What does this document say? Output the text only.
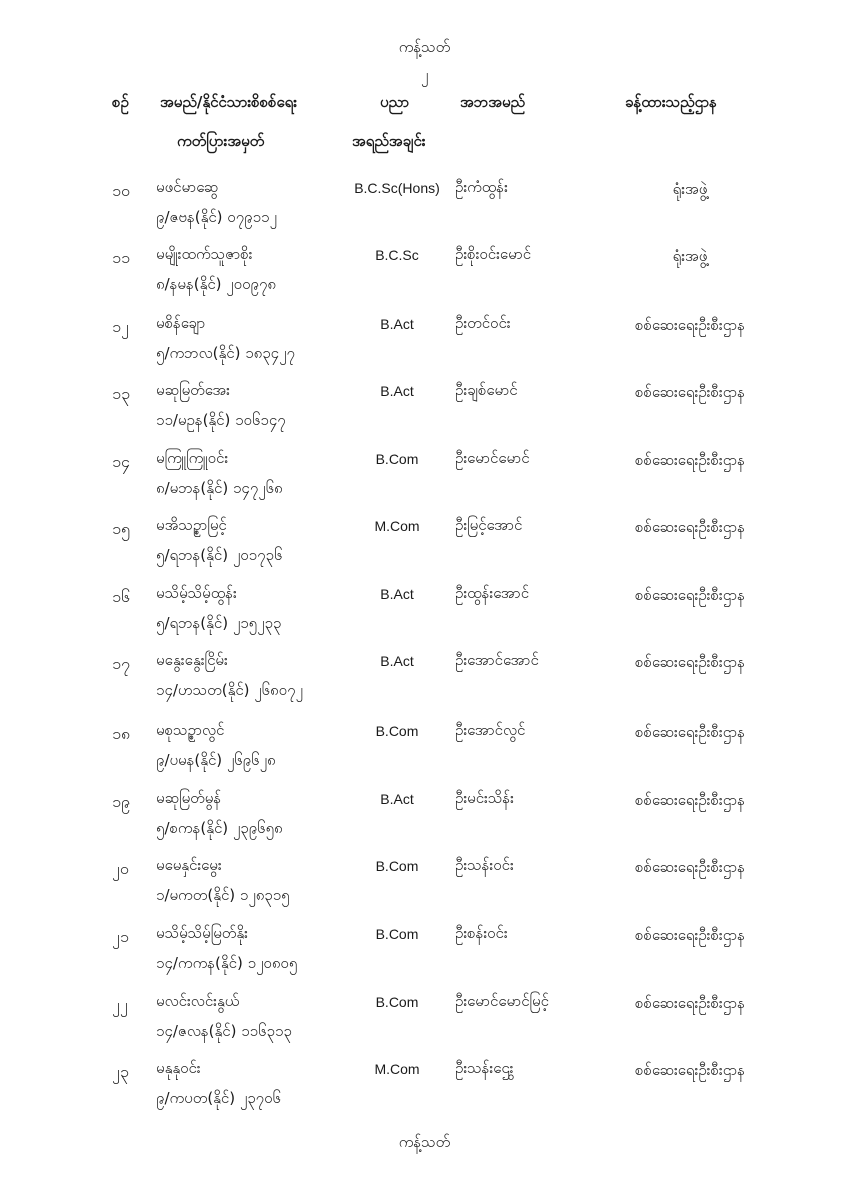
ကန့်သတ်
၂
စဉ် အမည်/နိုင်ငံသားစိစစ်ရေး
ကတ်ပြားအမှတ်
ပညာ
အရည်အချင်း
အဘအမည်	ခန့်ထားသည့်ဌာန
၁၀ မဖင်မာဆွေ
၉/ဇဗန(နိုင်) ၀၇၉၁၁၂
B.C.Sc(Hons)	ဦးကံထွန်း	ရုံးအဖွဲ့
၁၁ မမျိုးထက်သူဇာစိုး
၈/နမန(နိုင်) ၂၀၀၉၇၈
B.C.Sc	ဦးစိုးဝင်းမောင်	ရုံးအဖွဲ့
၁၂ မစိန်ချော
၅/ကဘလ(နိုင်) ၁၈၃၄၂၇
B.Act	ဦးတင်ဝင်း	စစ်ဆေးရေးဦးစီးဌာန
၁၃ မဆုမြတ်အေး
၁၁/မဥန(နိုင်) ၁၀၆၁၄၇
B.Act	ဦးချစ်မောင်	စစ်ဆေးရေးဦးစီးဌာန
၁၄ မကြူကြူဝင်း
၈/မဘန(နိုင်) ၁၄၇၂၆၈
B.Com	ဦးမောင်မောင်	စစ်ဆေးရေးဦးစီးဌာန
၁၅ မအိသဥ္စာမြင့်
၅/ရဘန(နိုင်) ၂၀၁၇၃၆
M.Com	ဦးမြင့်အောင်	စစ်ဆေးရေးဦးစီးဌာန
၁၆ မသိမ့်သိမ့်ထွန်း
၅/ရဘန(နိုင်) ၂၁၅၂၃၃
B.Act	ဦးထွန်းအောင်	စစ်ဆေးရေးဦးစီးဌာန
၁၇ မနွေးနွေးငြိမ်း
၁၄/ဟသတ(နိုင်) ၂၆၈၀၇၂
B.Act	ဦးအောင်အောင်	စစ်ဆေးရေးဦးစီးဌာန
၁၈ မစုသဥ္စာလွင်
၉/ပမန(နိုင်) ၂၆၉၆၂၈
B.Com	ဦးအောင်လွင်	စစ်ဆေးရေးဦးစီးဌာန
၁၉ မဆုမြတ်မွန်
၅/စကန(နိုင်) ၂၃၉၆၅၈
B.Act	ဦးမင်းသိန်း	စစ်ဆေးရေးဦးစီးဌာန
၂၀ မမေနှင်းမွေး
၁/မကတ(နိုင်) ၁၂၈၃၁၅
B.Com	ဦးသန်းဝင်း	စစ်ဆေးရေးဦးစီးဌာန
၂၁ မသိမ့်သိမ့်မြတ်နိုး
၁၄/ကကန(နိုင်) ၁၂၀၈၀၅
B.Com	ဦးစန်းဝင်း	စစ်ဆေးရေးဦးစီးဌာန
၂၂ မလင်းလင်းနွယ်
၁၄/ဇလန(နိုင်) ၁၁၆၃၁၃
B.Com	ဦးမောင်မောင်မြင့်	စစ်ဆေးရေးဦးစီးဌာန
၂၃ မနုနုဝင်း
၉/ကပတ(နိုင်) ၂၃၇၀၆
M.Com	ဦးသန်းဌွေး	စစ်ဆေးရေးဦးစီးဌာန
ကန့်သတ်
